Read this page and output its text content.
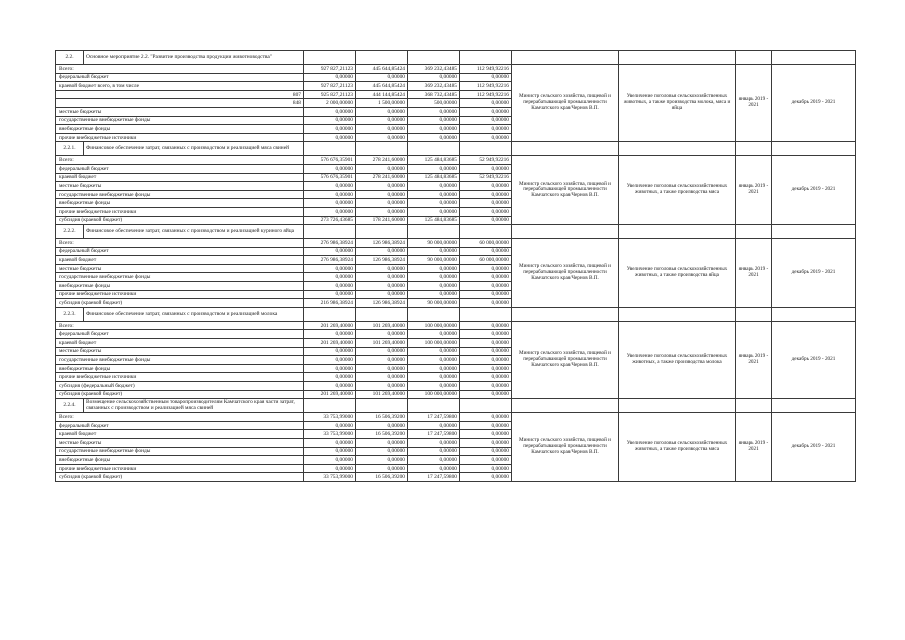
2.2.	Основное мероприятие 2.2. "Развитие производства продукции животноводства"								
Всего:		927 827,21123	445 644,85424	369 232,43485	112 949,92216	Министр сельского хозяйства, пищевой и перерабатывающей промышленности Камчатского края/Чернов В.П.	Увеличение поголовья сельскохозяйственных животных, а также производства молока, мяса и яйца	январь 2019 - 2021	декабрь 2019 - 2021
федеральный бюджет		0,00000	0,00000	0,00000	0,00000				
краевой бюджет всего, в том числе		927 827,21123	445 644,85424	369 232,43485	112 949,92216				
807		925 827,21123	444 144,85424	368 732,43485	112 949,92216				
848		2 000,00000	1 500,00000	500,00000	0,00000				
местные бюджеты		0,00000	0,00000	0,00000	0,00000				
государственные внебюджетные фонды		0,00000	0,00000	0,00000	0,00000				
внебюджетные фонды		0,00000	0,00000	0,00000	0,00000				
прочие внебюджетные источники		0,00000	0,00000	0,00000	0,00000				
2.2.1.	Финансовое обеспечение затрат, связанных с производством и реализацией мяса свиней								
Всего:		576 676,35901	278 241,60000	125 484,83685	52 949,92216	Министр сельского хозяйства, пищевой и перерабатывающей промышленности Камчатского края/Чернов В.П.	Увеличение поголовья сельскохозяйственных животных, а также производства мяса	январь 2019 - 2021	декабрь 2019 - 2021
федеральный бюджет		0,00000	0,00000	0,00000	0,00000				
краевой бюджет		576 676,35901	278 241,60000	125 484,83685	52 949,92216				
местные бюджеты		0,00000	0,00000	0,00000	0,00000				
государственные внебюджетные фонды		0,00000	0,00000	0,00000	0,00000				
внебюджетные фонды		0,00000	0,00000	0,00000	0,00000				
прочие внебюджетные источники		0,00000	0,00000	0,00000	0,00000				
субсидия (краевой бюджет)		273 726,43685	178 241,60000	125 484,83685	0,00000				
2.2.2.	Финансовое обеспечение затрат, связанных с производством и реализацией куриного яйца								
Всего:		276 986,38924	126 986,38924	90 000,00000	60 000,00000	Министр сельского хозяйства, пищевой и перерабатывающей промышленности Камчатского края/Чернов В.П.	Увеличение поголовья сельскохозяйственных животных, а также производства яйца	январь 2019 - 2021	декабрь 2019 - 2021
федеральный бюджет		0,00000	0,00000	0,00000	0,00000				
краевой бюджет		276 986,38924	126 986,38924	90 000,00000	60 000,00000				
местные бюджеты		0,00000	0,00000	0,00000	0,00000				
государственные внебюджетные фонды		0,00000	0,00000	0,00000	0,00000				
внебюджетные фонды		0,00000	0,00000	0,00000	0,00000				
прочие внебюджетные источники		0,00000	0,00000	0,00000	0,00000				
субсидия (краевой бюджет)		216 986,38924	126 986,38924	90 000,00000	0,00000				
2.2.3.	Финансовое обеспечение затрат, связанных с производством и реализацией молока								
Всего:		201 269,40000	101 269,40000	100 000,00000	0,00000	Министр сельского хозяйства, пищевой и перерабатывающей промышленности Камчатского края/Чернов В.П.	Увеличение поголовья сельскохозяйственных животных, а также производства молока	январь 2019 - 2021	декабрь 2019 - 2021
федеральный бюджет		0,00000	0,00000	0,00000	0,00000				
краевой бюджет		201 269,40000	101 269,40000	100 000,00000	0,00000				
местные бюджеты		0,00000	0,00000	0,00000	0,00000				
государственные внебюджетные фонды		0,00000	0,00000	0,00000	0,00000				
внебюджетные фонды		0,00000	0,00000	0,00000	0,00000				
прочие внебюджетные источники		0,00000	0,00000	0,00000	0,00000				
субсидия (федеральный бюджет)		0,00000	0,00000	0,00000	0,00000				
субсидия (краевой бюджет)		201 269,40000	101 269,40000	100 000,00000	0,00000				
2.2.4.	Возмещение сельскохозяйственным товаропроизводителям Камчатского края части затрат, связанных с производством и реализацией мяса свиней								
Всего:		33 753,99000	16 506,39200	17 247,59800	0,00000	Министр сельского хозяйства, пищевой и перерабатывающей промышленности Камчатского края/Чернов В.П.	Увеличение поголовья сельскохозяйственных животных, а также производства мяса	январь 2019 - 2021	декабрь 2019 - 2021
федеральный бюджет		0,00000	0,00000	0,00000	0,00000				
краевой бюджет		33 753,99000	16 506,39200	17 247,59800	0,00000				
местные бюджеты		0,00000	0,00000	0,00000	0,00000				
государственные внебюджетные фонды		0,00000	0,00000	0,00000	0,00000				
внебюджетные фонды		0,00000	0,00000	0,00000	0,00000				
прочие внебюджетные источники		0,00000	0,00000	0,00000	0,00000				
субсидия (краевой бюджет)		33 753,99000	16 506,39200	17 247,59800	0,00000				
